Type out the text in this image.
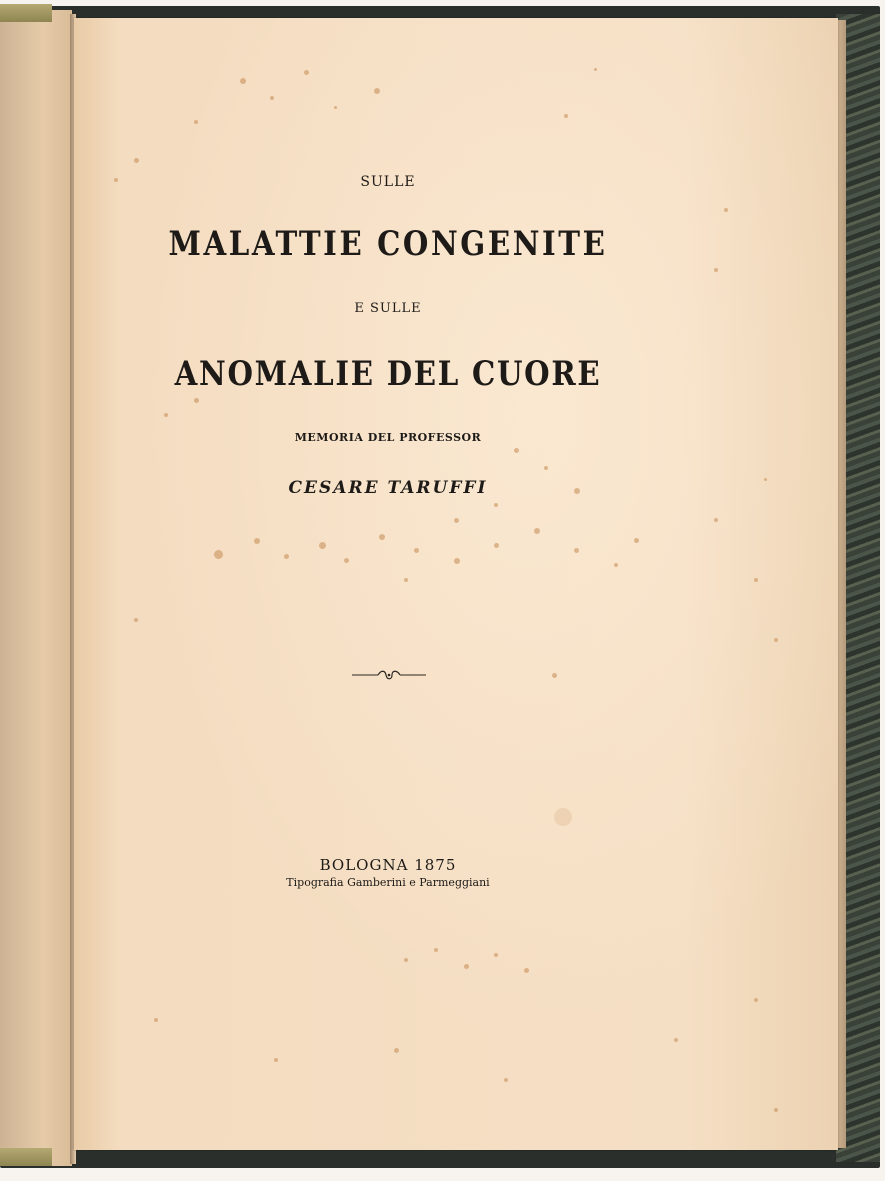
SULLE
MALATTIE CONGENITE
E SULLE
ANOMALIE DEL CUORE
MEMORIA DEL PROFESSOR
CESARE TARUFFI
BOLOGNA 1875
Tipografia Gamberini e Parmeggiani
